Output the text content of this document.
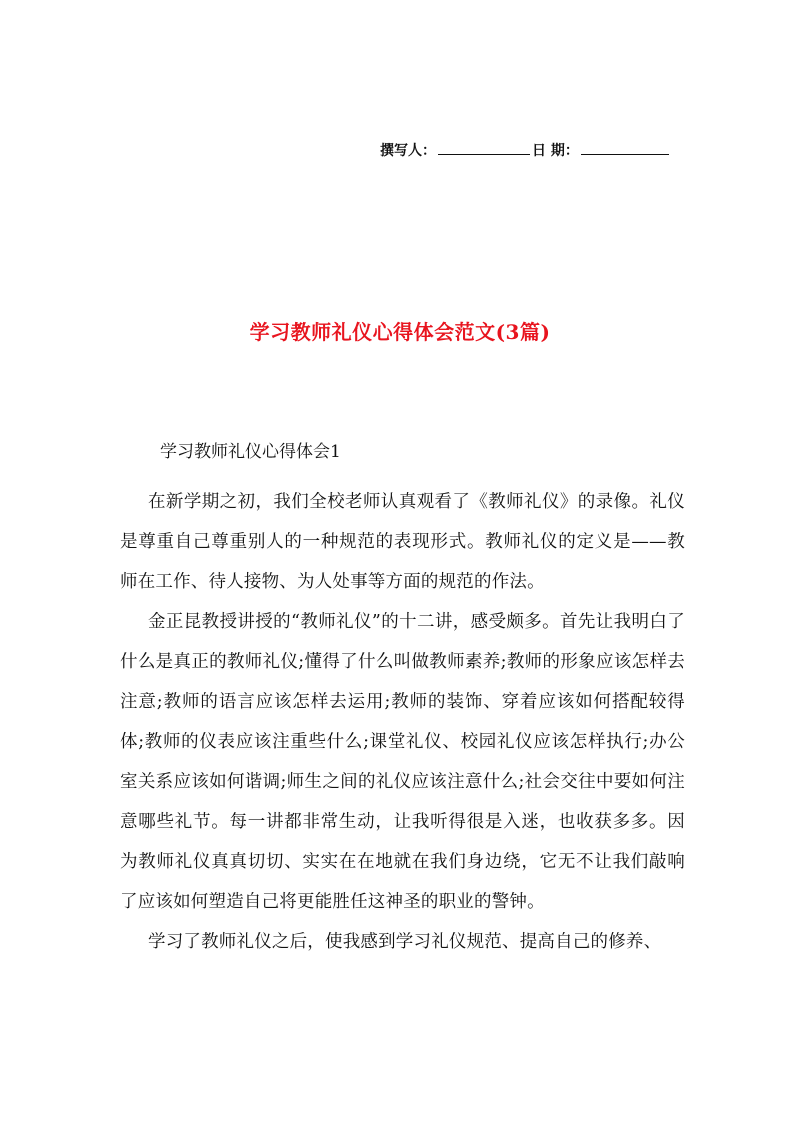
撰写人：	日 期：
学习教师礼仪心得体会范文(3篇)

学习教师礼仪心得体会1

在新学期之初，我们全校老师认真观看了《教师礼仪》的录像。礼仪是尊重自己尊重别人的一种规范的表现形式。教师礼仪的定义是——教师在工作、待人接物、为人处事等方面的规范的作法。

金正昆教授讲授的“教师礼仪”的十二讲，感受颇多。首先让我明白了什么是真正的教师礼仪;懂得了什么叫做教师素养;教师的形象应该怎样去注意;教师的语言应该怎样去运用;教师的装饰、穿着应该如何搭配较得体;教师的仪表应该注重些什么;课堂礼仪、校园礼仪应该怎样执行;办公室关系应该如何谐调;师生之间的礼仪应该注意什么;社会交往中要如何注意哪些礼节。每一讲都非常生动，让我听得很是入迷，也收获多多。因为教师礼仪真真切切、实实在在地就在我们身边绕，它无不让我们敲响了应该如何塑造自己将更能胜任这神圣的职业的警钟。

学习了教师礼仪之后，使我感到学习礼仪规范、提高自己的修养、
